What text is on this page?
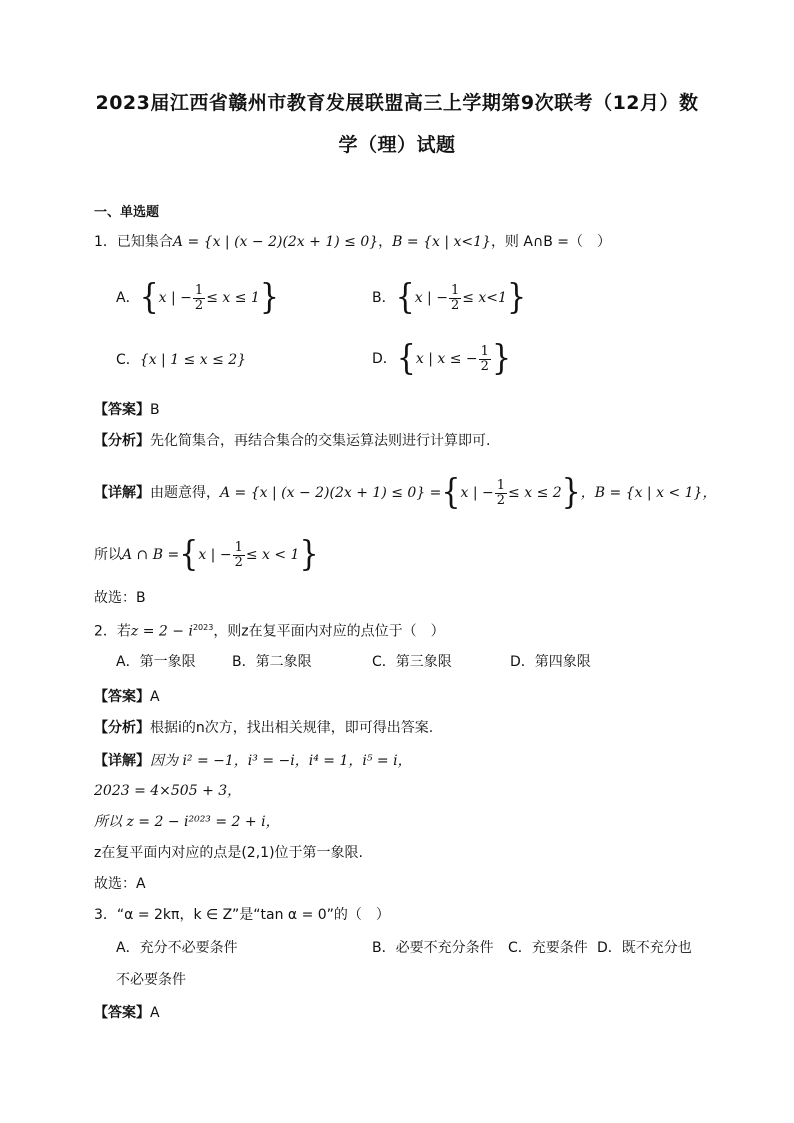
2023届江西省赣州市教育发展联盟高三上学期第9次联考（12月）数
学（理）试题
一、单选题
1．已知集合A = {x | (x − 2)(2x + 1) ≤ 0}，B = {x | x<1}，则 A∩B =（　）
A．{x | − $\frac{1}{2} \le x \le 1$}	B．{x | − $\frac{1}{2} \le x<1$}
C．{x | 1 ≤ x ≤ 2}	D．{x | x ≤ − $\frac{1}{2}$ }
【答案】B
【分析】先化简集合，再结合集合的交集运算法则进行计算即可.
【详解】由题意得，A = {x | (x − 2)(2x + 1) ≤ 0} ={x | − $\frac{1}{2} \le x \le 2$}，B = {x | x < 1}，
所以A ∩ B ={x | − $\frac{1}{2} \le x < 1$}
故选：B
2．若$z = 2 - i^{2023}$，则z在复平面内对应的点位于（　）
A．第一象限	B．第二象限	C．第三象限	D．第四象限
【答案】A
【分析】根据i的n次方，找出相关规律，即可得出答案.
【详解】因为 i² = −1，i³ = −i，i⁴ = 1，i⁵ = i，
2023 = 4×505 + 3，
所以 z = 2 − i²⁰²³ = 2 + i，
z在复平面内对应的点是(2,1)位于第一象限.
故选：A
3．“α = 2kπ，k ∈ Z”是“tan α = 0”的（　）
A．充分不必要条件	B．必要不充分条件 C．充要条件 D．既不充分也
不必要条件
【答案】A
